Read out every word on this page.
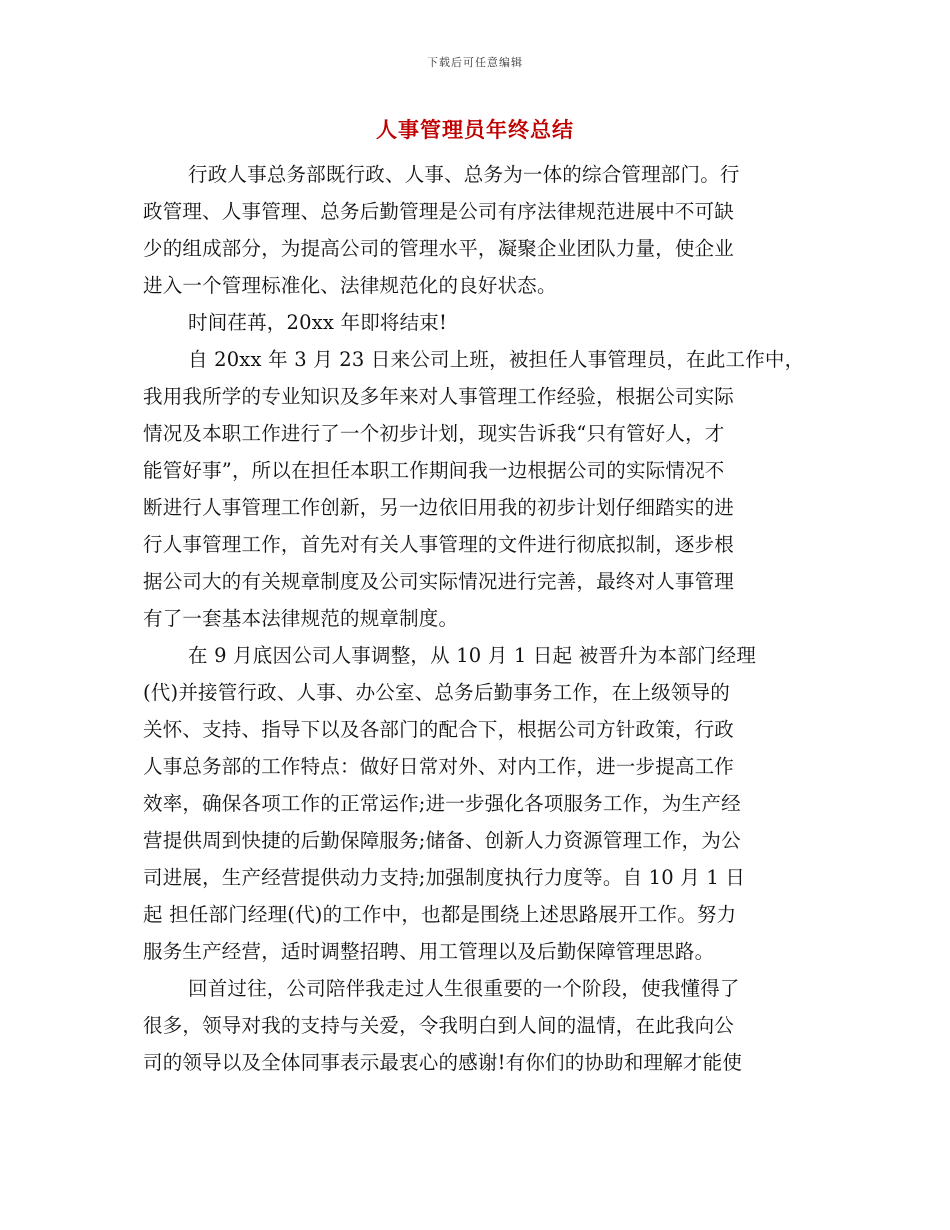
下载后可任意编辑
人事管理员年终总结
行政人事总务部既行政、人事、总务为一体的综合管理部门。行
政管理、人事管理、总务后勤管理是公司有序法律规范进展中不可缺
少的组成部分，为提高公司的管理水平，凝聚企业团队力量，使企业
进入一个管理标准化、法律规范化的良好状态。
时间荏苒，20xx 年即将结束!
自 20xx 年 3 月 23 日来公司上班，被担任人事管理员，在此工作中，
我用我所学的专业知识及多年来对人事管理工作经验，根据公司实际
情况及本职工作进行了一个初步计划，现实告诉我“只有管好人，才
能管好事”，所以在担任本职工作期间我一边根据公司的实际情况不
断进行人事管理工作创新，另一边依旧用我的初步计划仔细踏实的进
行人事管理工作，首先对有关人事管理的文件进行彻底拟制，逐步根
据公司大的有关规章制度及公司实际情况进行完善，最终对人事管理
有了一套基本法律规范的规章制度。
在 9 月底因公司人事调整，从 10 月 1 日起 被晋升为本部门经理
(代)并接管行政、人事、办公室、总务后勤事务工作，在上级领导的
关怀、支持、指导下以及各部门的配合下，根据公司方针政策，行政
人事总务部的工作特点：做好日常对外、对内工作，进一步提高工作
效率，确保各项工作的正常运作;进一步强化各项服务工作，为生产经
营提供周到快捷的后勤保障服务;储备、创新人力资源管理工作，为公
司进展，生产经营提供动力支持;加强制度执行力度等。自 10 月 1 日
起 担任部门经理(代)的工作中，也都是围绕上述思路展开工作。努力
服务生产经营，适时调整招聘、用工管理以及后勤保障管理思路。
回首过往，公司陪伴我走过人生很重要的一个阶段，使我懂得了
很多，领导对我的支持与关爱，令我明白到人间的温情，在此我向公
司的领导以及全体同事表示最衷心的感谢!有你们的协助和理解才能使
